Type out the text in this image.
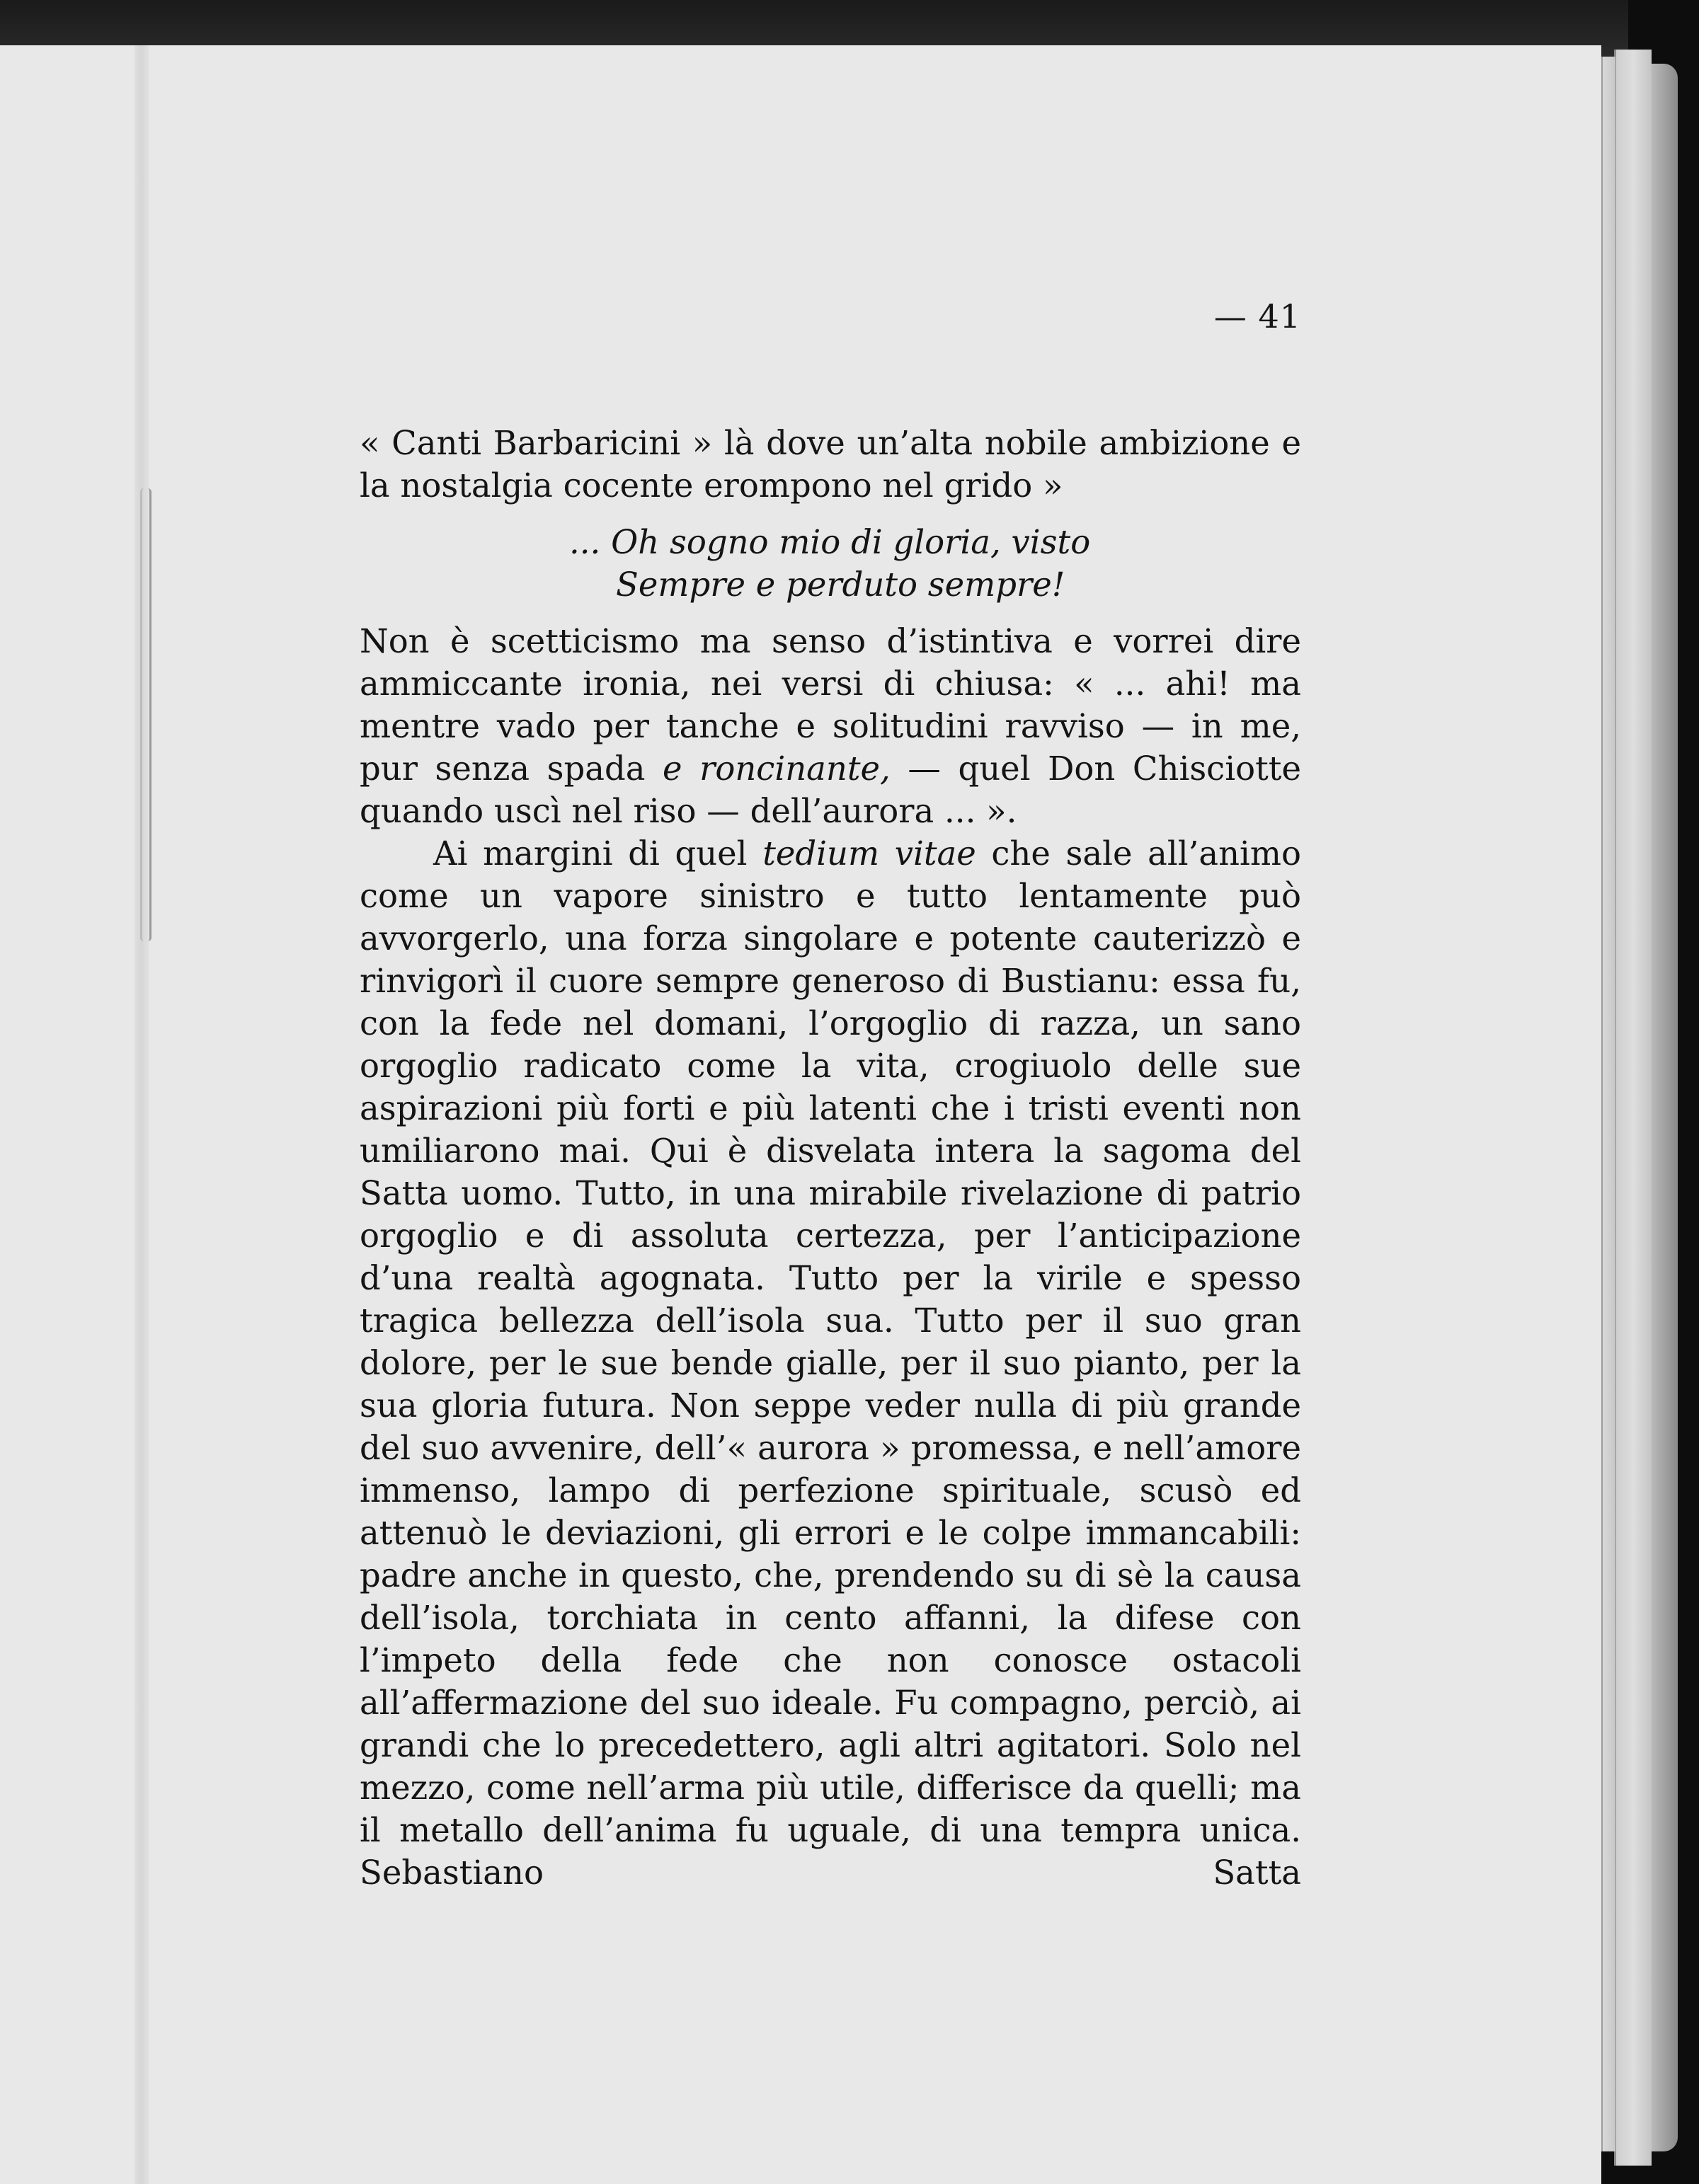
— 41

« Canti Barbaricini » là dove un’alta nobile ambizione e la nostalgia cocente erompono nel grido »

... Oh sogno mio di gloria, visto
Sempre e perduto sempre!

Non è scetticismo ma senso d’istintiva e vorrei dire ammiccante ironia, nei versi di chiusa: « ... ahi! ma mentre vado per tanche e solitudini ravviso — in me, pur senza spada e roncinante, — quel Don Chisciotte quando uscì nel riso — dell’aurora ... ».

Ai margini di quel tedium vitae che sale all’animo come un vapore sinistro e tutto lentamente può avvorgerlo, una forza singolare e potente cauterizzò e rinvigorì il cuore sempre generoso di Bustianu: essa fu, con la fede nel domani, l’orgoglio di razza, un sano orgoglio radicato come la vita, crogiuolo delle sue aspirazioni più forti e più latenti che i tristi eventi non umiliarono mai. Qui è disvelata intera la sagoma del Satta uomo. Tutto, in una mirabile rivelazione di patrio orgoglio e di assoluta certezza, per l’anticipazione d’una realtà agognata. Tutto per la virile e spesso tragica bellezza dell’isola sua. Tutto per il suo gran dolore, per le sue bende gialle, per il suo pianto, per la sua gloria futura. Non seppe veder nulla di più grande del suo avvenire, dell’« aurora » promessa, e nell’amore immenso, lampo di perfezione spirituale, scusò ed attenuò le deviazioni, gli errori e le colpe immancabili: padre anche in questo, che, prendendo su di sè la causa dell’isola, torchiata in cento affanni, la difese con l’impeto della fede che non conosce ostacoli all’affermazione del suo ideale. Fu compagno, perciò, ai grandi che lo precedettero, agli altri agitatori. Solo nel mezzo, come nell’arma più utile, differisce da quelli; ma il metallo dell’anima fu uguale, di una tempra unica. Sebastiano Satta
